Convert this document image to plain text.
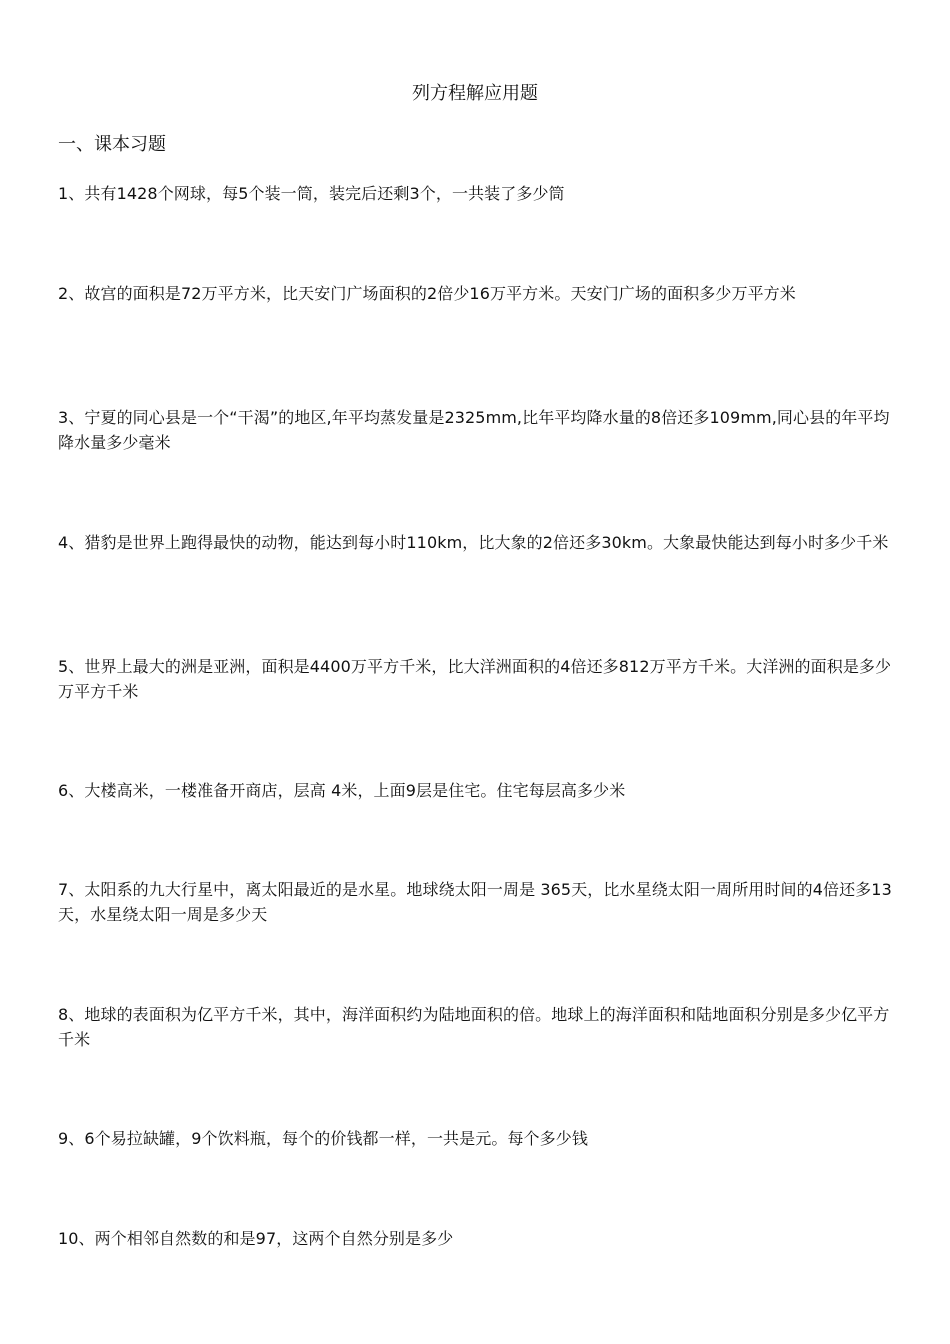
列方程解应用题
一、课本习题
1、共有1428个网球，每5个装一筒，装完后还剩3个，一共装了多少筒
2、故宫的面积是72万平方米，比天安门广场面积的2倍少16万平方米。天安门广场的面积多少万平方米
3、宁夏的同心县是一个“干渴”的地区,年平均蒸发量是2325mm,比年平均降水量的8倍还多109mm,同心县的年平均降水量多少毫米
4、猎豹是世界上跑得最快的动物，能达到每小时110km，比大象的2倍还多30km。大象最快能达到每小时多少千米
5、世界上最大的洲是亚洲，面积是4400万平方千米，比大洋洲面积的4倍还多812万平方千米。大洋洲的面积是多少万平方千米
6、大楼高米，一楼准备开商店，层高 4米，上面9层是住宅。住宅每层高多少米
7、太阳系的九大行星中，离太阳最近的是水星。地球绕太阳一周是 365天，比水星绕太阳一周所用时间的4倍还多13天，水星绕太阳一周是多少天
8、地球的表面积为亿平方千米，其中，海洋面积约为陆地面积的倍。地球上的海洋面积和陆地面积分别是多少亿平方千米
9、6个易拉缺罐，9个饮料瓶，每个的价钱都一样，一共是元。每个多少钱
10、两个相邻自然数的和是97，这两个自然分别是多少
